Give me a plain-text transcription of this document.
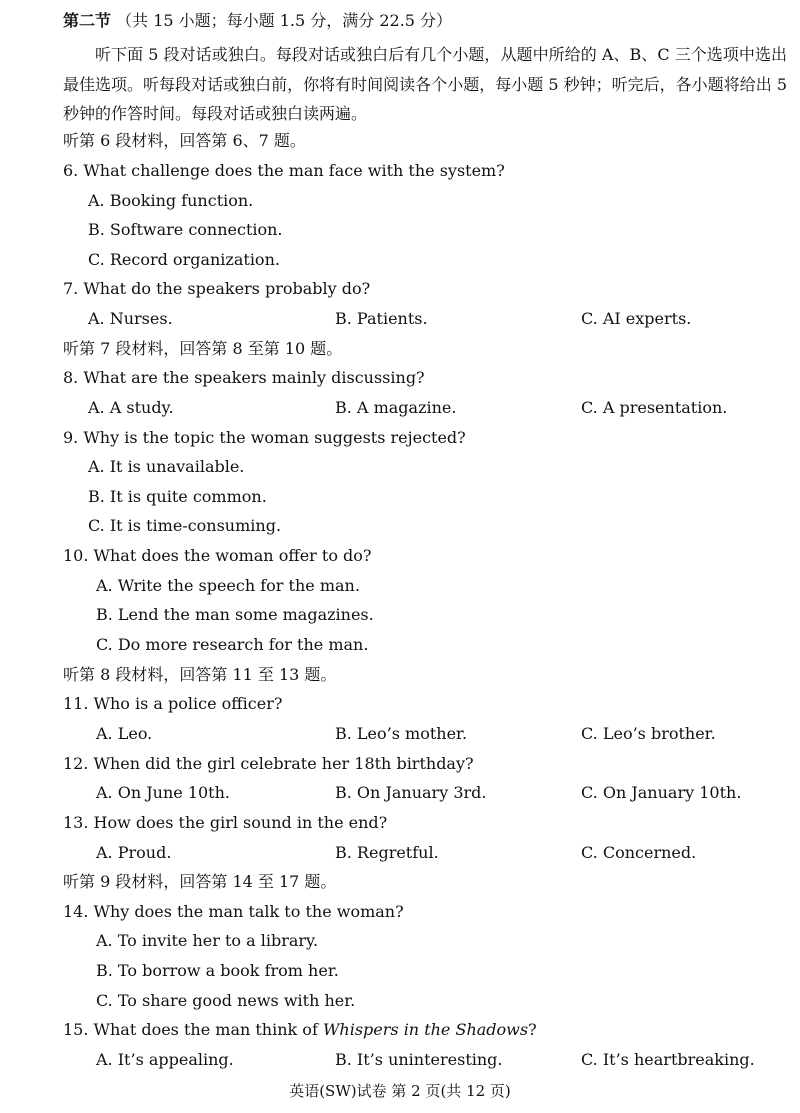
第二节 （共 15 小题；每小题 1.5 分，满分 22.5 分）
听下面 5 段对话或独白。每段对话或独白后有几个小题，从题中所给的 A、B、C 三个选项中选出最佳选项。听每段对话或独白前，你将有时间阅读各个小题，每小题 5 秒钟；听完后，各小题将给出 5 秒钟的作答时间。每段对话或独白读两遍。
听第 6 段材料，回答第 6、7 题。
6. What challenge does the man face with the system?
A. Booking function.
B. Software connection.
C. Record organization.
7. What do the speakers probably do?
A. Nurses.	B. Patients.	C. AI experts.
听第 7 段材料，回答第 8 至第 10 题。
8. What are the speakers mainly discussing?
A. A study.	B. A magazine.	C. A presentation.
9. Why is the topic the woman suggests rejected?
A. It is unavailable.
B. It is quite common.
C. It is time-consuming.
10. What does the woman offer to do?
A. Write the speech for the man.
B. Lend the man some magazines.
C. Do more research for the man.
听第 8 段材料，回答第 11 至 13 题。
11. Who is a police officer?
A. Leo.	B. Leo’s mother.	C. Leo’s brother.
12. When did the girl celebrate her 18th birthday?
A. On June 10th.	B. On January 3rd.	C. On January 10th.
13. How does the girl sound in the end?
A. Proud.	B. Regretful.	C. Concerned.
听第 9 段材料，回答第 14 至 17 题。
14. Why does the man talk to the woman?
A. To invite her to a library.
B. To borrow a book from her.
C. To share good news with her.
15. What does the man think of Whispers in the Shadows?
A. It’s appealing.	B. It’s uninteresting.	C. It’s heartbreaking.
英语(SW)试卷 第 2 页(共 12 页)
